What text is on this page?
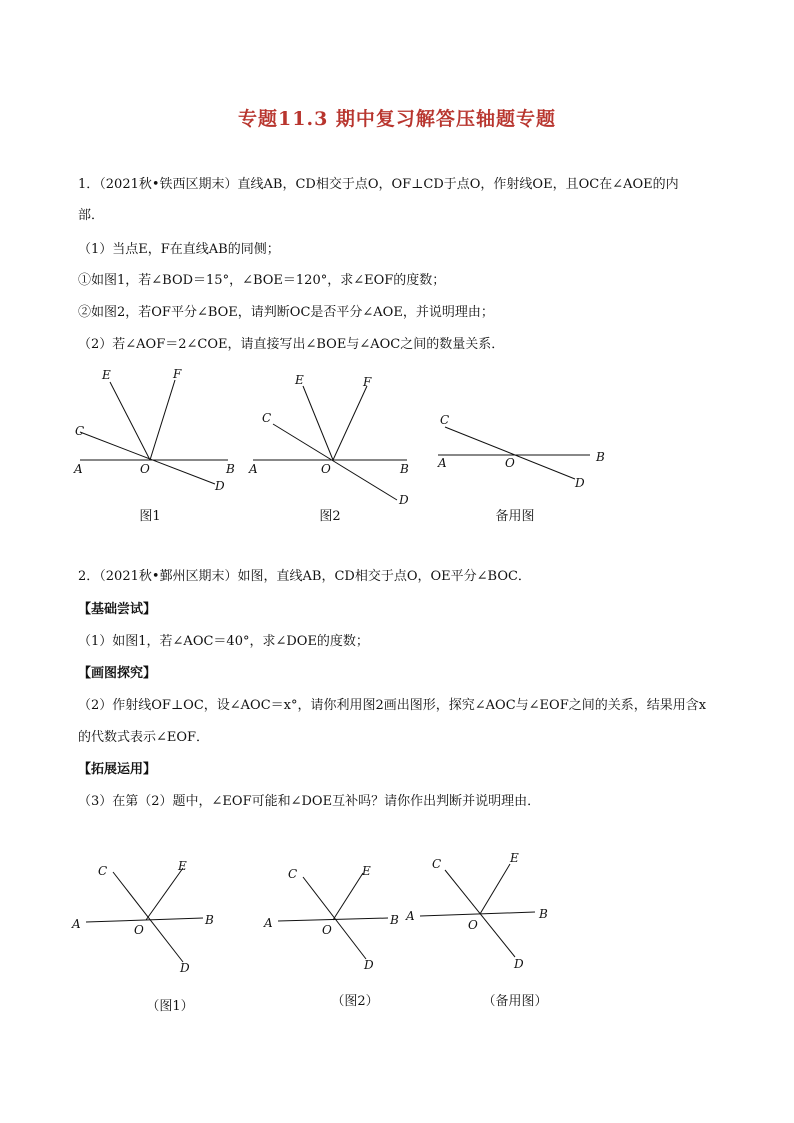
专题11.3 期中复习解答压轴题专题
1．（2021秋•铁西区期末）直线AB，CD相交于点O，OF⊥CD于点O，作射线OE，且OC在∠AOE的内
部．
（1）当点E，F在直线AB的同侧；
①如图1，若∠BOD＝15°，∠BOE＝120°，求∠EOF的度数；
②如图2，若OF平分∠BOE，请判断OC是否平分∠AOE，并说明理由；
（2）若∠AOF＝2∠COE，请直接写出∠BOE与∠AOC之间的数量关系．
E	F
C
A	O	B
D
图1
E	F
C
A	O	B
D
图2
C
A	O	B
D
备用图
2．（2021秋•鄞州区期末）如图，直线AB，CD相交于点O，OE平分∠BOC．
【基础尝试】
（1）如图1，若∠AOC＝40°，求∠DOE的度数；
【画图探究】
（2）作射线OF⊥OC，设∠AOC＝x°，请你利用图2画出图形，探究∠AOC与∠EOF之间的关系，结果用含x
的代数式表示∠EOF．
【拓展运用】
（3）在第（2）题中，∠EOF可能和∠DOE互补吗？请你作出判断并说明理由．
C	E
A	O
B
D
（图1）
C	E
A	O
B
D
（图2）
C	E
A
O
B
D
（备用图）
